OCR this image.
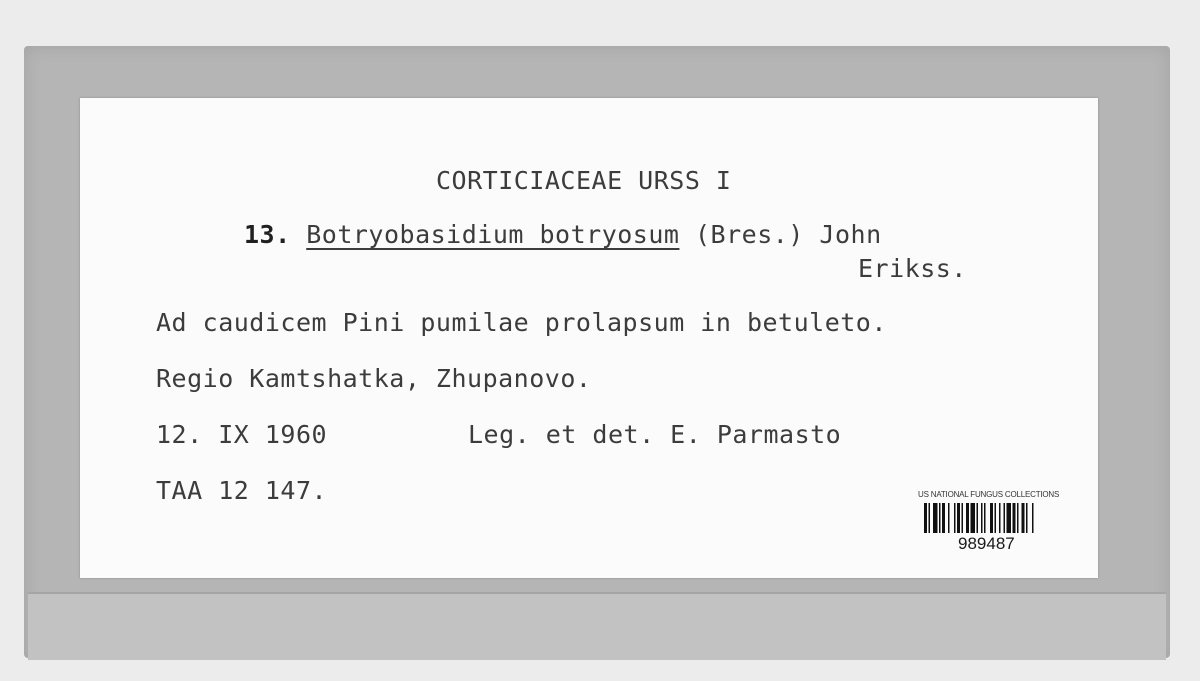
CORTICIACEAE URSS I
13. Botryobasidium botryosum (Bres.) John
Erikss.
Ad caudicem Pini pumilae prolapsum in betuleto.
Regio Kamtshatka, Zhupanovo.
12. IX 1960	Leg. et det. E. Parmasto
TAA 12 147.	US NATIONAL FUNGUS COLLECTIONS
989487
